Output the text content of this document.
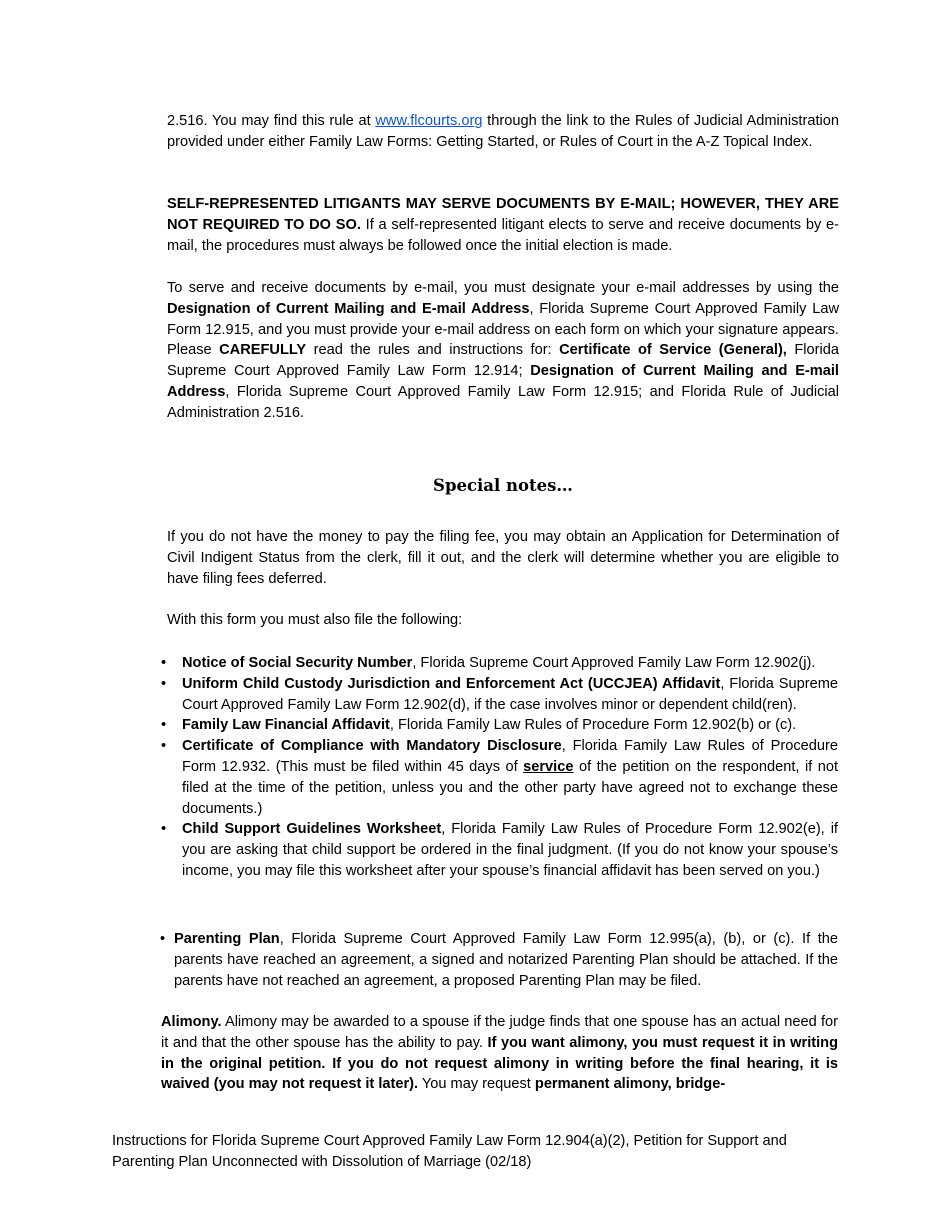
2.516. You may find this rule at www.flcourts.org through the link to the Rules of Judicial Administration provided under either Family Law Forms: Getting Started, or Rules of Court in the A-Z Topical Index.

SELF-REPRESENTED LITIGANTS MAY SERVE DOCUMENTS BY E-MAIL; HOWEVER, THEY ARE NOT REQUIRED TO DO SO. If a self-represented litigant elects to serve and receive documents by e-mail, the procedures must always be followed once the initial election is made.

To serve and receive documents by e-mail, you must designate your e-mail addresses by using the Designation of Current Mailing and E-mail Address, Florida Supreme Court Approved Family Law Form 12.915, and you must provide your e-mail address on each form on which your signature appears. Please CAREFULLY read the rules and instructions for: Certificate of Service (General), Florida Supreme Court Approved Family Law Form 12.914; Designation of Current Mailing and E-mail Address, Florida Supreme Court Approved Family Law Form 12.915; and Florida Rule of Judicial Administration 2.516.

Special notes…

If you do not have the money to pay the filing fee, you may obtain an Application for Determination of Civil Indigent Status from the clerk, fill it out, and the clerk will determine whether you are eligible to have filing fees deferred.

With this form you must also file the following:

• Notice of Social Security Number, Florida Supreme Court Approved Family Law Form 12.902(j).
• Uniform Child Custody Jurisdiction and Enforcement Act (UCCJEA) Affidavit, Florida Supreme Court Approved Family Law Form 12.902(d), if the case involves minor or dependent child(ren).
• Family Law Financial Affidavit, Florida Family Law Rules of Procedure Form 12.902(b) or (c).
• Certificate of Compliance with Mandatory Disclosure, Florida Family Law Rules of Procedure Form 12.932. (This must be filed within 45 days of service of the petition on the respondent, if not filed at the time of the petition, unless you and the other party have agreed not to exchange these documents.)
• Child Support Guidelines Worksheet, Florida Family Law Rules of Procedure Form 12.902(e), if you are asking that child support be ordered in the final judgment. (If you do not know your spouse’s income, you may file this worksheet after your spouse’s financial affidavit has been served on you.)
• Parenting Plan, Florida Supreme Court Approved Family Law Form 12.995(a), (b), or (c). If the parents have reached an agreement, a signed and notarized Parenting Plan should be attached. If the parents have not reached an agreement, a proposed Parenting Plan may be filed.

Alimony. Alimony may be awarded to a spouse if the judge finds that one spouse has an actual need for it and that the other spouse has the ability to pay. If you want alimony, you must request it in writing in the original petition. If you do not request alimony in writing before the final hearing, it is waived (you may not request it later). You may request permanent alimony, bridge-

Instructions for Florida Supreme Court Approved Family Law Form 12.904(a)(2), Petition for Support and Parenting Plan Unconnected with Dissolution of Marriage (02/18)
